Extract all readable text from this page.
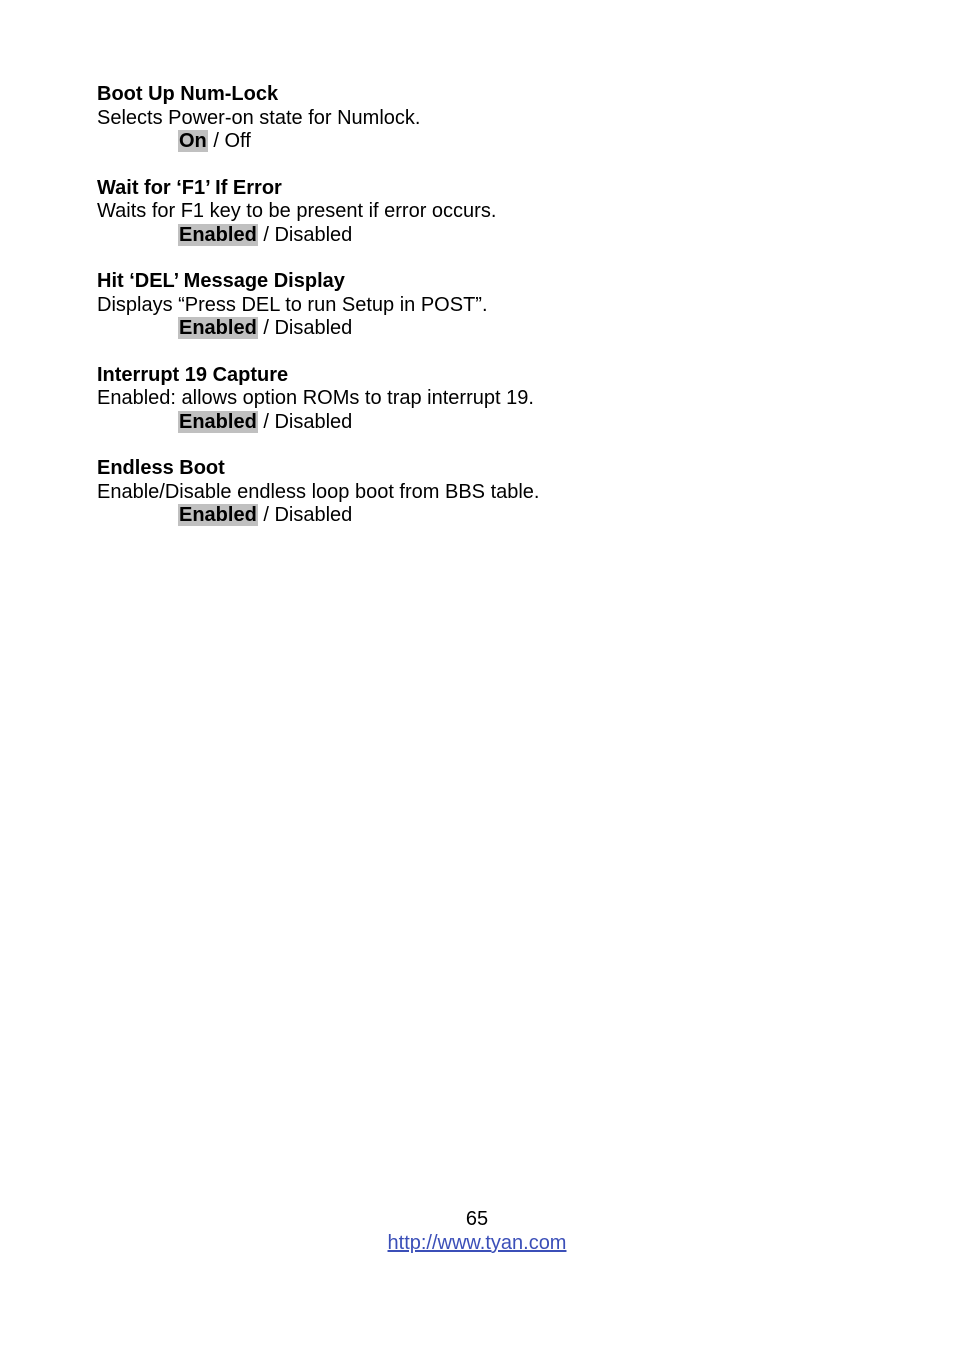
Boot Up Num-Lock

Selects Power-on state for Numlock.

On / Off

Wait for ‘F1’ If Error

Waits for F1 key to be present if error occurs.

Enabled / Disabled

Hit ‘DEL’ Message Display

Displays “Press DEL to run Setup in POST”.

Enabled / Disabled

Interrupt 19 Capture

Enabled: allows option ROMs to trap interrupt 19.

Enabled / Disabled

Endless Boot

Enable/Disable endless loop boot from BBS table.

Enabled / Disabled

65
http://www.tyan.com
